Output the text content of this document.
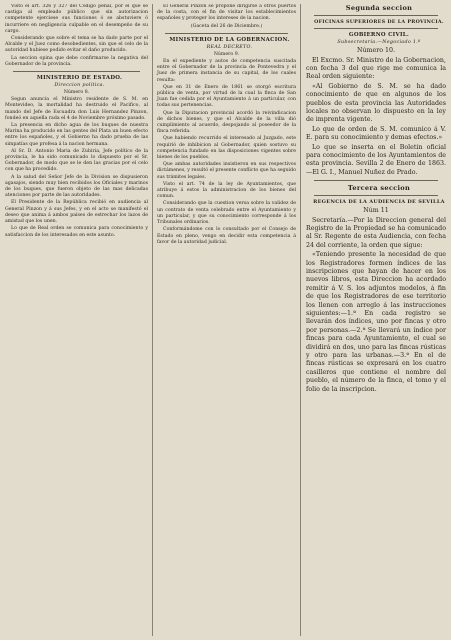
Visto el art. 326 y 327 del Código penal, por el que se castiga al empleado público que sin autorizacion competente ejerciese sus funciones ó se abstuviere ó incurriere en negligencia culpable en el desempeño de su cargo.

Considerando que sobre el tema se ha dado parte por el Alcalde y el Juez como desobedientes, sin que el celo de la autoridad hubiese podido evitar el daño producido.

La seccion opina que debe confirmarse la negativa del Gobernador de la provincia.

MINISTERIO DE ESTADO.

Direccion política.

Número 8.

Segun anuncia el Ministro residente de S. M. en Montevideo, la mortalidad ha destruido el Pacifico, al mando del Jefe de Escuadra don Luis Hernandez Pinzon, fondeó en aquella rada el 4 de Noviembre próximo pasado.

La presencia en dicho agua de los buques de nuestra Marina ha producido en las gentes del Plata un buen efecto entre los españoles, y el Gobierno ha dado prueba de las simpatías que profesa á la nacion hermana.

Al Sr. D. Antonio Maria de Zubiria, Jefe político de la provincia, le ha sido comunicado lo dispuesto por el Sr. Gobernador, de modo que se le den las gracias por el celo con que ha procedido.

A la salud del Señor Jefe de la Division se dispusieron agasajos, siendo muy bien recibidos los Oficiales y marinos de los buques, que fueron objeto de las mas delicadas atenciones por parte de las autoridades.

El Presidente de la República recibió en audiencia al General Pinzon y á sus Jefes, y en el acto se manifestó el deseo que anima á ambos países de estrechar los lazos de amistad que los unen.

Lo que de Real orden se comunica para conocimiento y satisfaccion de los interesados en este asunto.

El General Pinzon se propone dirigirse á otros puertos de la costa, con el fin de visitar los establecimientos españoles y proteger los intereses de la nacion.

(Gaceta del 26 de Diciembre.)

MINISTERIO DE LA GOBERNACION.

REAL DECRETO.

Número 9.

En el expediente y autos de competencia suscitada entre el Gobernador de la provincia de Pontevedra y el Juez de primera instancia de su capital, de los cuales resulta:

Que en 31 de Enero de 1861 se otorgó escritura pública de venta, por virtud de la cual la finca de San Juan fue cedida por el Ayuntamiento á un particular, con todas sus pertenencias.

Que la Diputacion provincial acordó la reivindicacion de dichos bienes, y que el Alcalde de la villa dió cumplimiento al acuerdo, despojando al poseedor de la finca referida.

Que habiendo recurrido el interesado al Juzgado, este requirió de inhibicion al Gobernador, quien sostuvo su competencia fundado en las disposiciones vigentes sobre bienes de los pueblos.

Que ambas autoridades insistieron en sus respectivos dictámenes, y resultó el presente conflicto que ha seguido sus trámites legales.

Visto el art. 74 de la ley de Ayuntamientos, que atribuye á estos la administracion de los bienes del comun.

Considerando que la cuestion versa sobre la validez de un contrato de venta celebrado entre el Ayuntamiento y un particular, y que su conocimiento corresponde á los Tribunales ordinarios.

Conformándome con lo consultado por el Consejo de Estado en pleno, vengo en decidir esta competencia á favor de la autoridad judicial.

Segunda seccion

OFICINAS SUPERIORES DE LA PROVINCIA.

GOBIERNO CIVIL.

Subsecretaría.—Negociado 1.º

Número 10.

El Excmo. Sr. Ministro de la Gobernacion, con fecha 3 del que rige me comunica la Real orden siguiente:

«Al Gobierno de S. M. se ha dado conocimiento de que en algunos de los pueblos de esta provincia las Autoridades locales no observan lo dispuesto en la ley de imprenta vigente.

Lo que de orden de S. M. comunico á V. E. para su conocimiento y demas efectos.»

Lo que se inserta en el Boletin oficial para conocimiento de los Ayuntamientos de esta provincia. Sevilla 2 de Enero de 1863.—El G. I., Manuel Nuñez de Prado.

Tercera seccion

REGENCIA DE LA AUDIENCIA DE SEVILLA

Núm 11

Secretaría.—Por la Direccion general del Registro de la Propiedad se ha comunicado al Sr. Regente de esta Audiencia, con fecha 24 del corriente, la orden que sigue:

«Teniendo presente la necesidad de que los Registradores formen índices de las inscripciones que hayan de hacer en los nuevos libros, esta Direccion ha acordado remitir á V. S. los adjuntos modelos, á fin de que los Registradores de ese territorio los llenen con arreglo á las instrucciones siguientes:—1.ª En cada registro se llevarán dos índices, uno por fincas y otro por personas.—2.ª Se llevará un índice por fincas para cada Ayuntamiento, el cual se dividirá en dos, uno para las fincas rústicas y otro para las urbanas.—3.ª En el de fincas rústicas se expresará en los cuatro casilleros que contiene el nombre del pueblo, el número de la finca, el tomo y el folio de la inscripcion.
